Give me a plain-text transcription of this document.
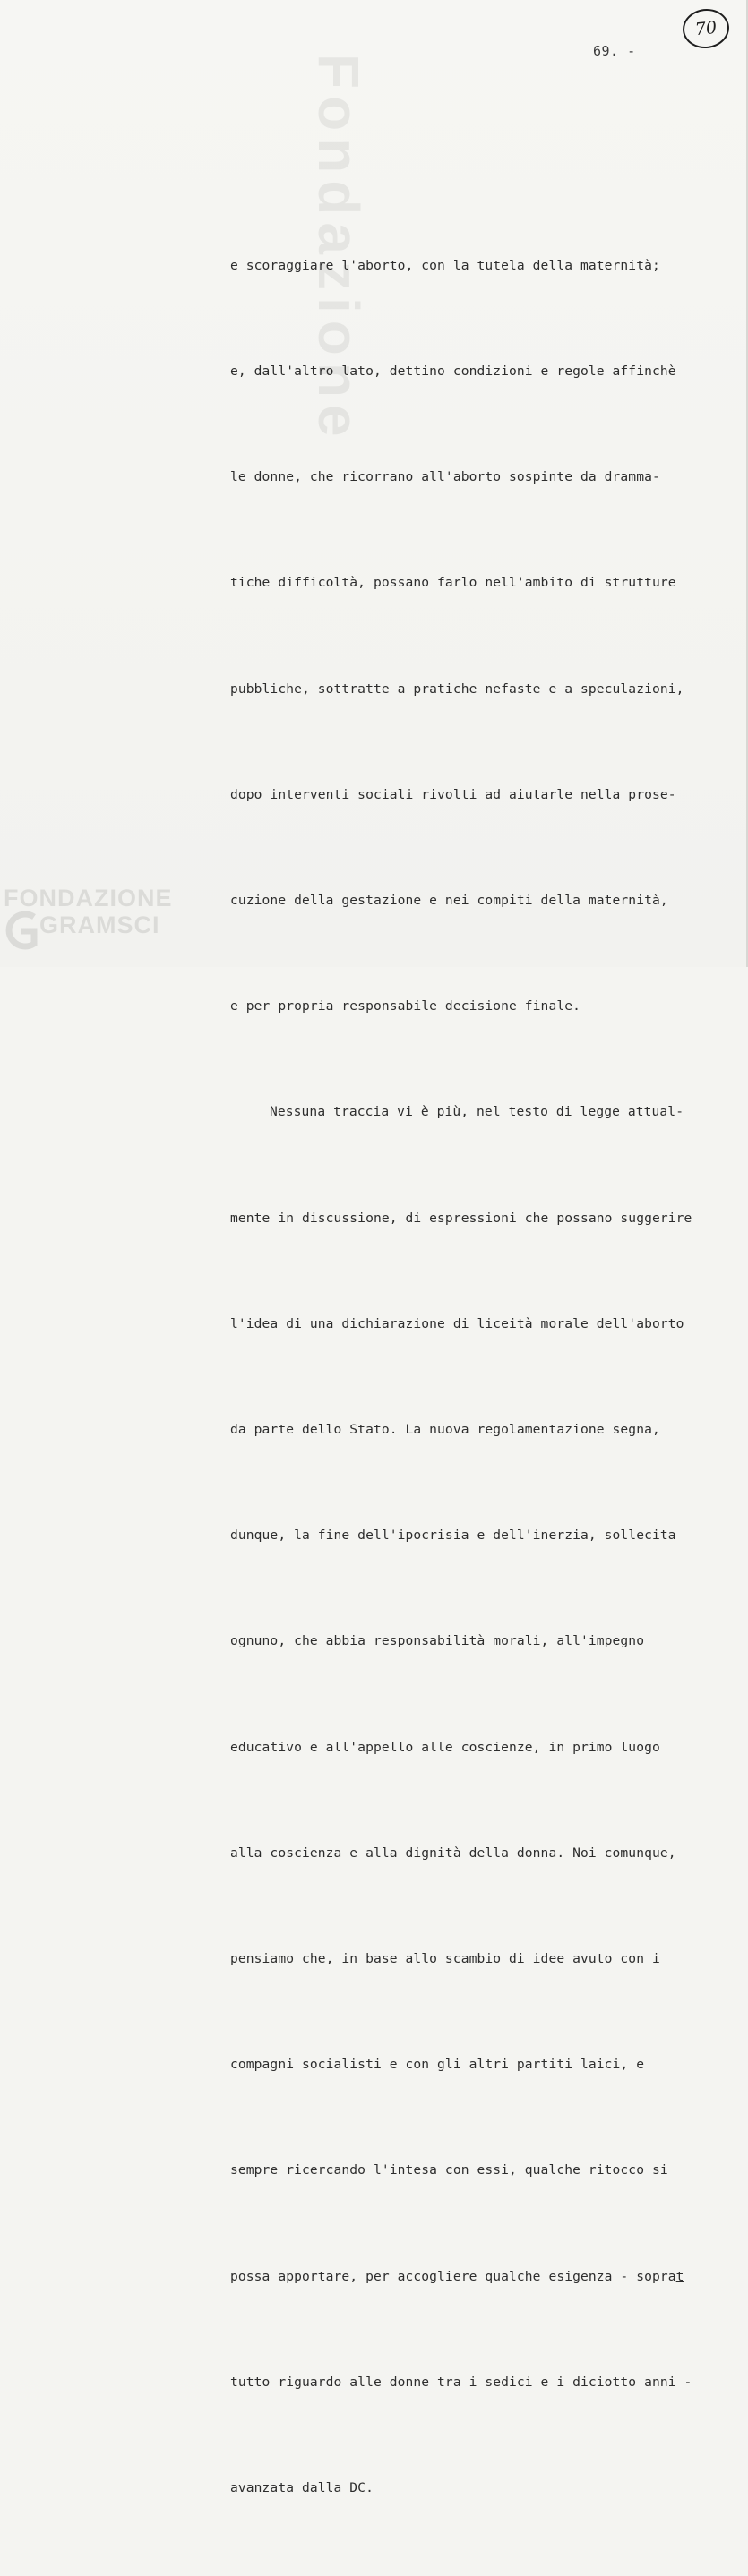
Fondazione
FONDAZIONE
GRAMSCI
69. -
70

e scoraggiare l'aborto, con la tutela della maternità;

e, dall'altro lato, dettino condizioni e regole affinchè

le donne, che ricorrano all'aborto sospinte da dramma-

tiche difficoltà, possano farlo nell'ambito di strutture

pubbliche, sottratte a pratiche nefaste e a speculazioni,

dopo interventi sociali rivolti ad aiutarle nella prose-

cuzione della gestazione e nei compiti della maternità,

e per propria responsabile decisione finale.

Nessuna traccia vi è più, nel testo di legge attual-

mente in discussione, di espressioni che possano suggerire

l'idea di una dichiarazione di liceità morale dell'aborto

da parte dello Stato. La nuova regolamentazione segna,

dunque, la fine dell'ipocrisia e dell'inerzia, sollecita

ognuno, che abbia responsabilità morali, all'impegno

educativo e all'appello alle coscienze, in primo luogo

alla coscienza e alla dignità della donna. Noi comunque,

pensiamo che, in base allo scambio di idee avuto con i

compagni socialisti e con gli altri partiti laici, e

sempre ricercando l'intesa con essi, qualche ritocco si

possa apportare, per accogliere qualche esigenza - soprat

tutto riguardo alle donne tra i sedici e i diciotto anni -

avanzata dalla DC.
